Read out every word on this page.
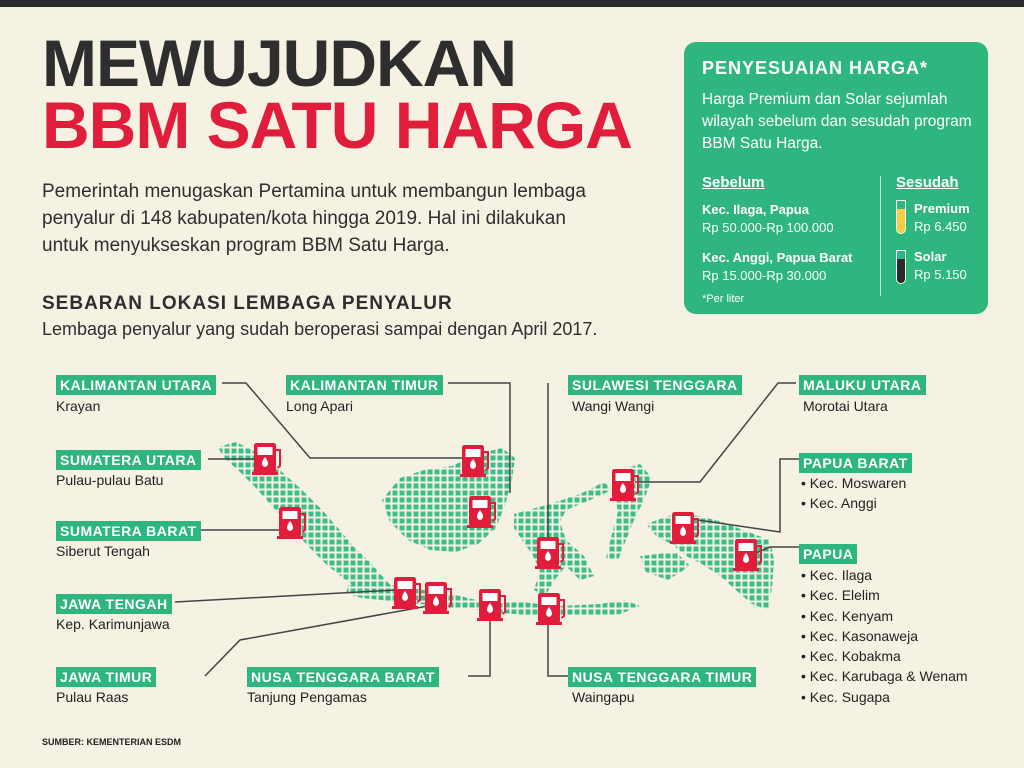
MEWUJUDKAN
BBM SATU HARGA
Pemerintah menugaskan Pertamina untuk membangun lembaga penyalur di 148 kabupaten/kota hingga 2019. Hal ini dilakukan untuk menyukseskan program BBM Satu Harga.
SEBARAN LOKASI LEMBAGA PENYALUR
Lembaga penyalur yang sudah beroperasi sampai dengan April 2017.
PENYESUAIAN HARGA*
Harga Premium dan Solar sejumlah wilayah sebelum dan sesudah program BBM Satu Harga.
Sebelum	Sesudah
Kec. Ilaga, Papua
Rp 50.000-Rp 100.000
Kec. Anggi, Papua Barat
Rp 15.000-Rp 30.000
Premium
Rp 6.450
Solar
Rp 5.150
*Per liter
KALIMANTAN UTARA
Krayan
KALIMANTAN TIMUR
Long Apari
SULAWESI TENGGARA
Wangi Wangi
MALUKU UTARA
Morotai Utara
SUMATERA UTARA
Pulau-pulau Batu
SUMATERA BARAT
Siberut Tengah
JAWA TENGAH
Kep. Karimunjawa
JAWA TIMUR
Pulau Raas
NUSA TENGGARA BARAT
Tanjung Pengamas
NUSA TENGGARA TIMUR
Waingapu
PAPUA BARAT
• Kec. Moswaren
• Kec. Anggi
PAPUA
• Kec. Ilaga
• Kec. Elelim
• Kec. Kenyam
• Kec. Kasonaweja
• Kec. Kobakma
• Kec. Karubaga & Wenam
• Kec. Sugapa
SUMBER: KEMENTERIAN ESDM
